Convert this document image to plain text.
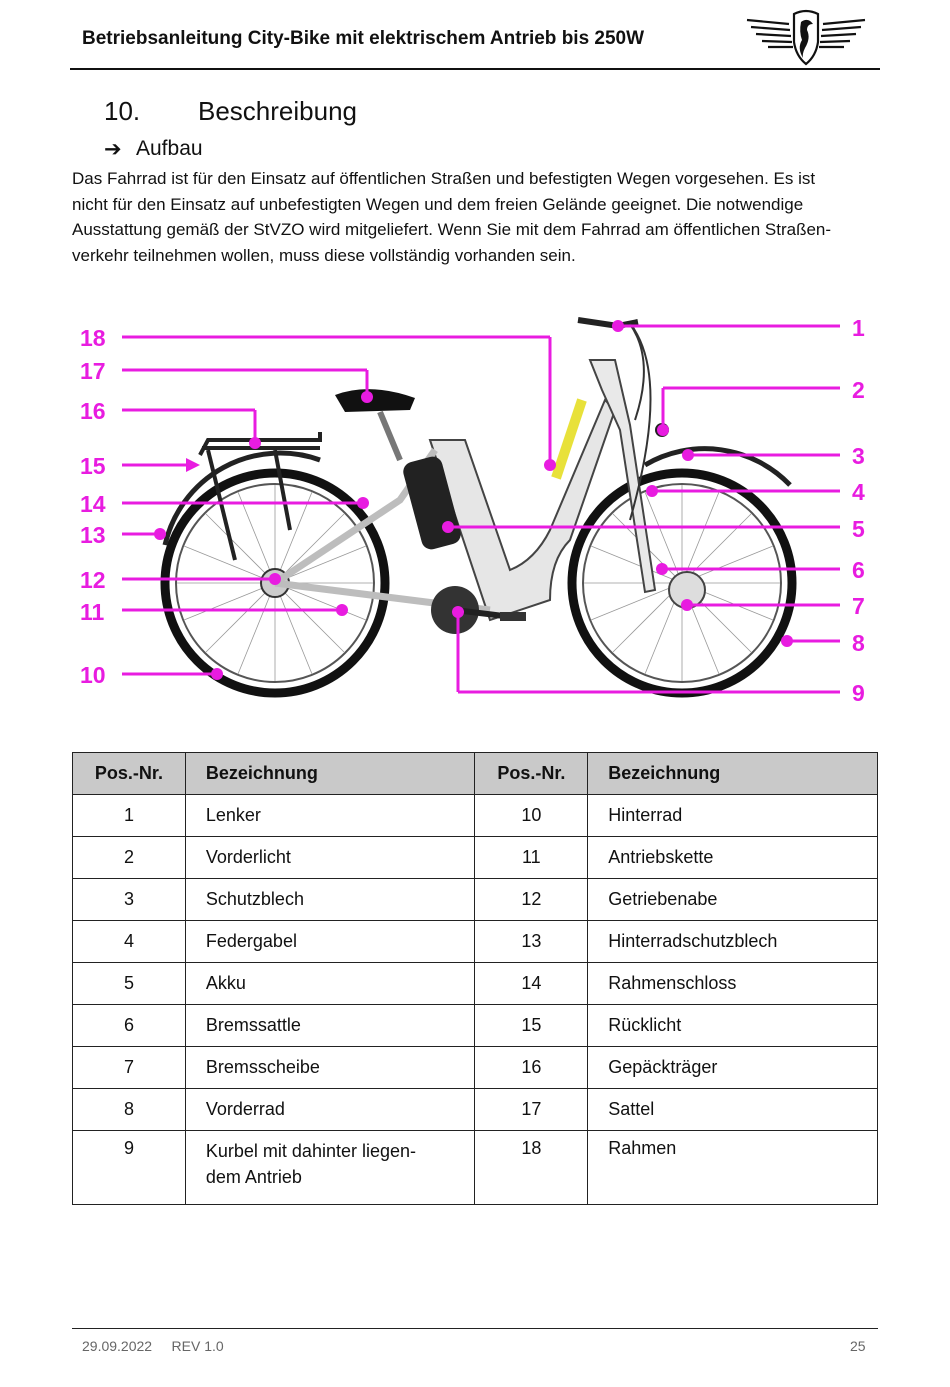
Betriebsanleitung City-Bike mit elektrischem Antrieb bis 250W
10. Beschreibung
➔ Aufbau

Das Fahrrad ist für den Einsatz auf öffentlichen Straßen und befestigten Wegen vorgesehen. Es ist
nicht für den Einsatz auf unbefestigten Wegen und dem freien Gelände geeignet. Die notwendige
Ausstattung gemäß der StVZO wird mitgeliefert. Wenn Sie mit dem Fahrrad am öffentlichen Straßen-
verkehr teilnehmen wollen, muss diese vollständig vorhanden sein.

1
2
3
4
5
6
7
8
9
18
17
16
15
14
13
12
11
10
Pos.-Nr.	Bezeichnung	Pos.-Nr.	Bezeichnung
1	Lenker	10	Hinterrad
2	Vorderlicht	11	Antriebskette
3	Schutzblech	12	Getriebenabe
4	Federgabel	13	Hinterradschutzblech
5	Akku	14	Rahmenschloss
6	Bremssattle	15	Rücklicht
7	Bremsscheibe	16	Gepäckträger
8	Vorderrad	17	Sattel
9	Kurbel mit dahinter liegen-
dem Antrieb	18	Rahmen
29.09.2022     REV 1.0	25
